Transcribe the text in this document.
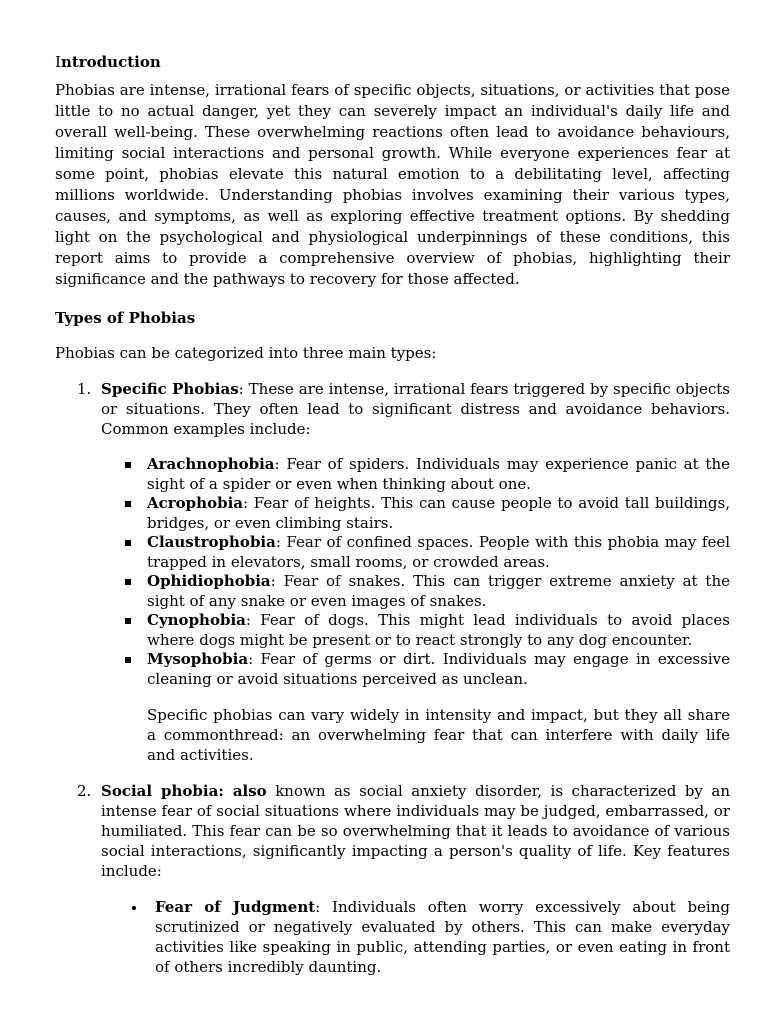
Introduction

Phobias are intense, irrational fears of specific objects, situations, or activities that pose little to no actual danger, yet they can severely impact an individual's daily life and overall well-being. These overwhelming reactions often lead to avoidance behaviours, limiting social interactions and personal growth. While everyone experiences fear at some point, phobias elevate this natural emotion to a debilitating level, affecting millions worldwide. Understanding phobias involves examining their various types, causes, and symptoms, as well as exploring effective treatment options. By shedding light on the psychological and physiological underpinnings of these conditions, this report aims to provide a comprehensive overview of phobias, highlighting their significance and the pathways to recovery for those affected.

Types of Phobias

Phobias can be categorized into three main types:

1. Specific Phobias: These are intense, irrational fears triggered by specific objects or situations. They often lead to significant distress and avoidance behaviors. Common examples include:

Arachnophobia: Fear of spiders. Individuals may experience panic at the sight of a spider or even when thinking about one.
Acrophobia: Fear of heights. This can cause people to avoid tall buildings, bridges, or even climbing stairs.
Claustrophobia: Fear of confined spaces. People with this phobia may feel trapped in elevators, small rooms, or crowded areas.
Ophidiophobia: Fear of snakes. This can trigger extreme anxiety at the sight of any snake or even images of snakes.
Cynophobia: Fear of dogs. This might lead individuals to avoid places where dogs might be present or to react strongly to any dog encounter.
Mysophobia: Fear of germs or dirt. Individuals may engage in excessive cleaning or avoid situations perceived as unclean.

Specific phobias can vary widely in intensity and impact, but they all share a commonthread: an overwhelming fear that can interfere with daily life and activities.

2. Social phobia: also known as social anxiety disorder, is characterized by an intense fear of social situations where individuals may be judged, embarrassed, or humiliated. This fear can be so overwhelming that it leads to avoidance of various social interactions, significantly impacting a person's quality of life. Key features include:

Fear of Judgment: Individuals often worry excessively about being scrutinized or negatively evaluated by others. This can make everyday activities like speaking in public, attending parties, or even eating in front of others incredibly daunting.
